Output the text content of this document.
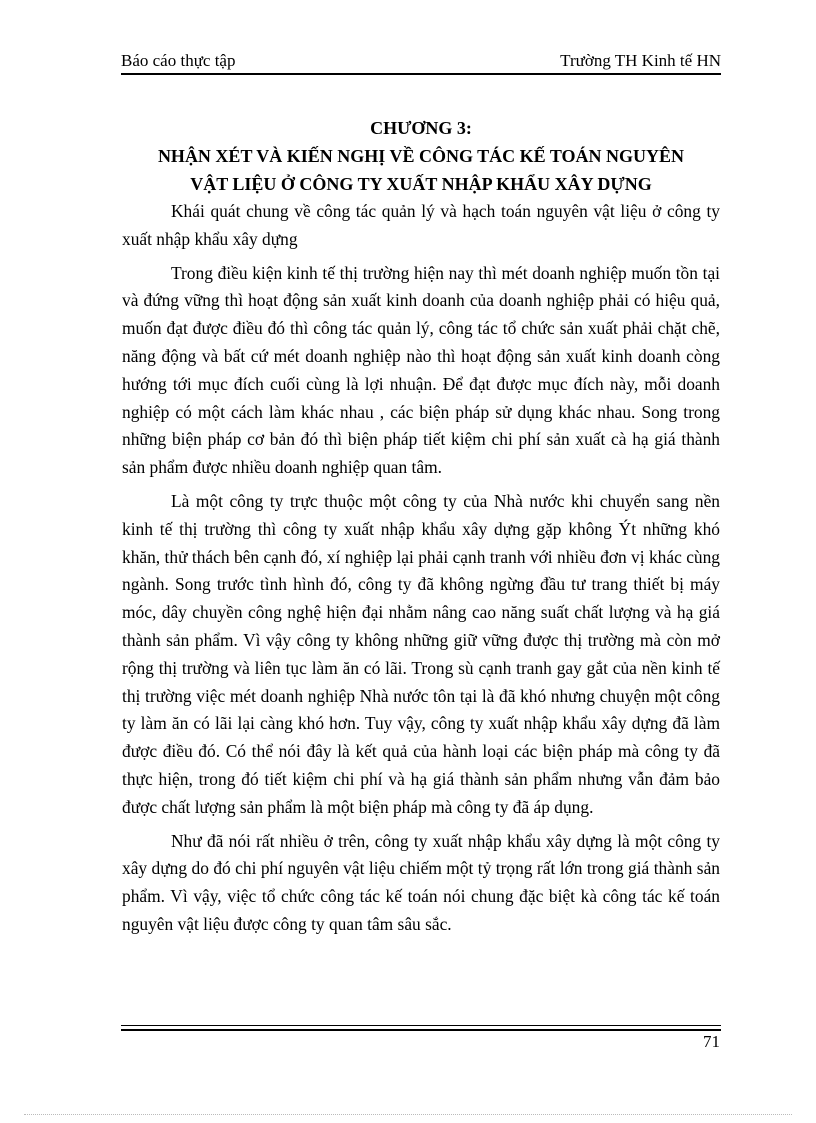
Báo cáo thực tập	Trường TH Kinh tế HN

CHƯƠNG 3:

NHẬN XÉT VÀ KIẾN NGHỊ VỀ CÔNG TÁC KẾ TOÁN NGUYÊN

VẬT LIỆU Ở CÔNG TY XUẤT NHẬP KHẨU XÂY DỰNG

Khái quát chung về công tác quản lý và hạch toán nguyên vật liệu ở công ty xuất nhập khẩu xây dựng

Trong điều kiện kinh tế thị trường hiện nay thì mét doanh nghiệp muốn tồn tại và đứng vững thì hoạt động sản xuất kinh doanh của doanh nghiệp phải có hiệu quả, muốn đạt được điều đó thì công tác quản lý, công tác tổ chức sản xuất phải chặt chẽ, năng động và bất cứ mét doanh nghiệp nào thì hoạt động sản xuất kinh doanh còng hướng tới mục đích cuối cùng là lợi nhuận. Để đạt được mục đích này, mỗi doanh nghiệp có một cách làm khác nhau , các biện pháp sử dụng khác nhau. Song trong những biện pháp cơ bản đó thì biện pháp tiết kiệm chi phí sản xuất cà hạ giá thành sản phẩm được nhiều doanh nghiệp quan tâm.

Là một công ty trực thuộc một công ty của Nhà nước khi chuyển sang nền kinh tế thị trường thì công ty xuất nhập khẩu xây dựng gặp không Ýt những khó khăn, thử thách bên cạnh đó, xí nghiệp lại phải cạnh tranh với nhiều đơn vị khác cùng ngành. Song trước tình hình đó, công ty đã không ngừng đầu tư trang thiết bị máy móc, dây chuyền công nghệ hiện đại nhằm nâng cao năng suất chất lượng và hạ giá thành sản phẩm. Vì vậy công ty không những giữ vững được thị trường mà còn mở rộng thị trường và liên tục làm ăn có lãi. Trong sù cạnh tranh gay gắt của nền kinh tế thị trường việc mét doanh nghiệp Nhà nước tôn tại là đã khó nhưng chuyện một công ty làm ăn có lãi lại càng khó hơn. Tuy vậy, công ty xuất nhập khẩu xây dựng đã làm được điều đó. Có thể nói đây là kết quả của hành loại các biện pháp mà công ty đã thực hiện, trong đó tiết kiệm chi phí và hạ giá thành sản phẩm nhưng vẫn đảm bảo được chất lượng sản phẩm là một biện pháp mà công ty đã áp dụng.

Như đã nói rất nhiều ở trên, công ty xuất nhập khẩu xây dựng là một công ty xây dựng do đó chi phí nguyên vật liệu chiếm một tỷ trọng rất lớn trong giá thành sản phẩm. Vì vậy, việc tổ chức công tác kế toán nói chung đặc biệt kà công tác kế toán nguyên vật liệu được công ty quan tâm sâu sắc.

71
